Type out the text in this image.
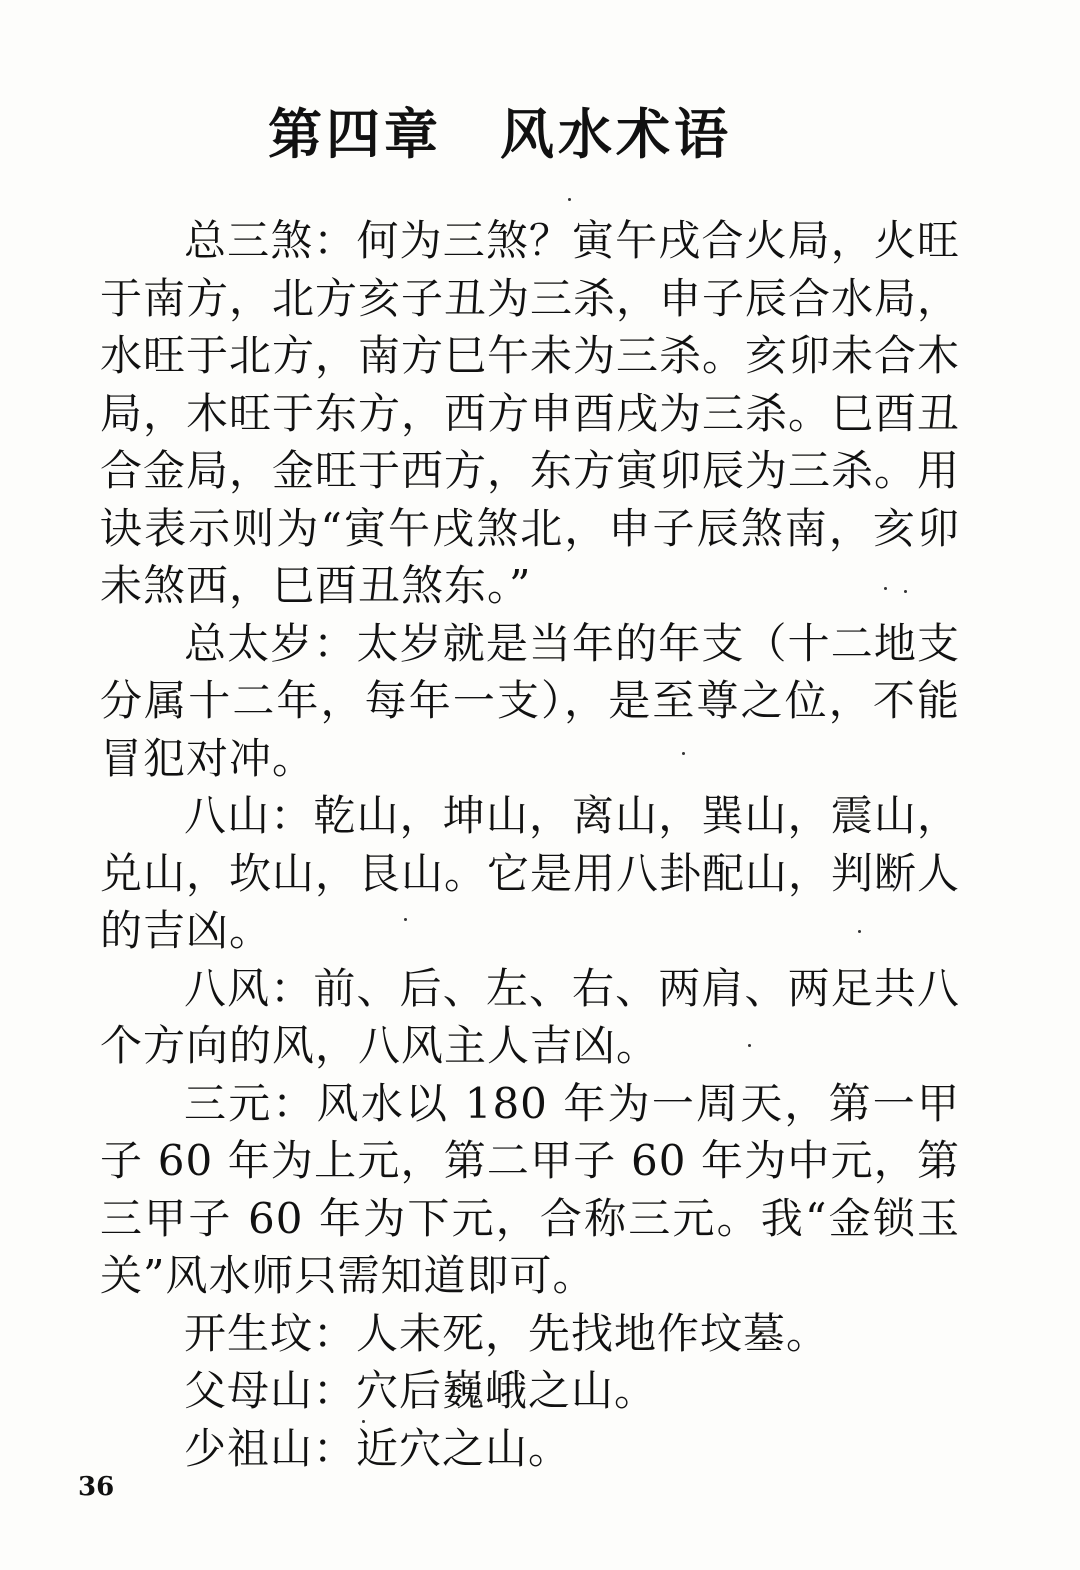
第四章　风水术语

总三煞：何为三煞？寅午戌合火局，火旺于南方，北方亥子丑为三杀，申子辰合水局，水旺于北方，南方巳午未为三杀。亥卯未合木局，木旺于东方，西方申酉戌为三杀。巳酉丑合金局，金旺于西方，东方寅卯辰为三杀。用诀表示则为“寅午戌煞北，申子辰煞南，亥卯未煞西，巳酉丑煞东。”

总太岁：太岁就是当年的年支（十二地支分属十二年，每年一支），是至尊之位，不能冒犯对冲。

八山：乾山，坤山，离山，巽山，震山，兑山，坎山，艮山。它是用八卦配山，判断人的吉凶。

八风：前、后、左、右、两肩、两足共八个方向的风，八风主人吉凶。

三元：风水以 180 年为一周天，第一甲子 60 年为上元，第二甲子 60 年为中元，第三甲子 60 年为下元，合称三元。我“金锁玉关”风水师只需知道即可。

开生坟：人未死，先找地作坟墓。

父母山：穴后巍峨之山。

少祖山：近穴之山。

36
